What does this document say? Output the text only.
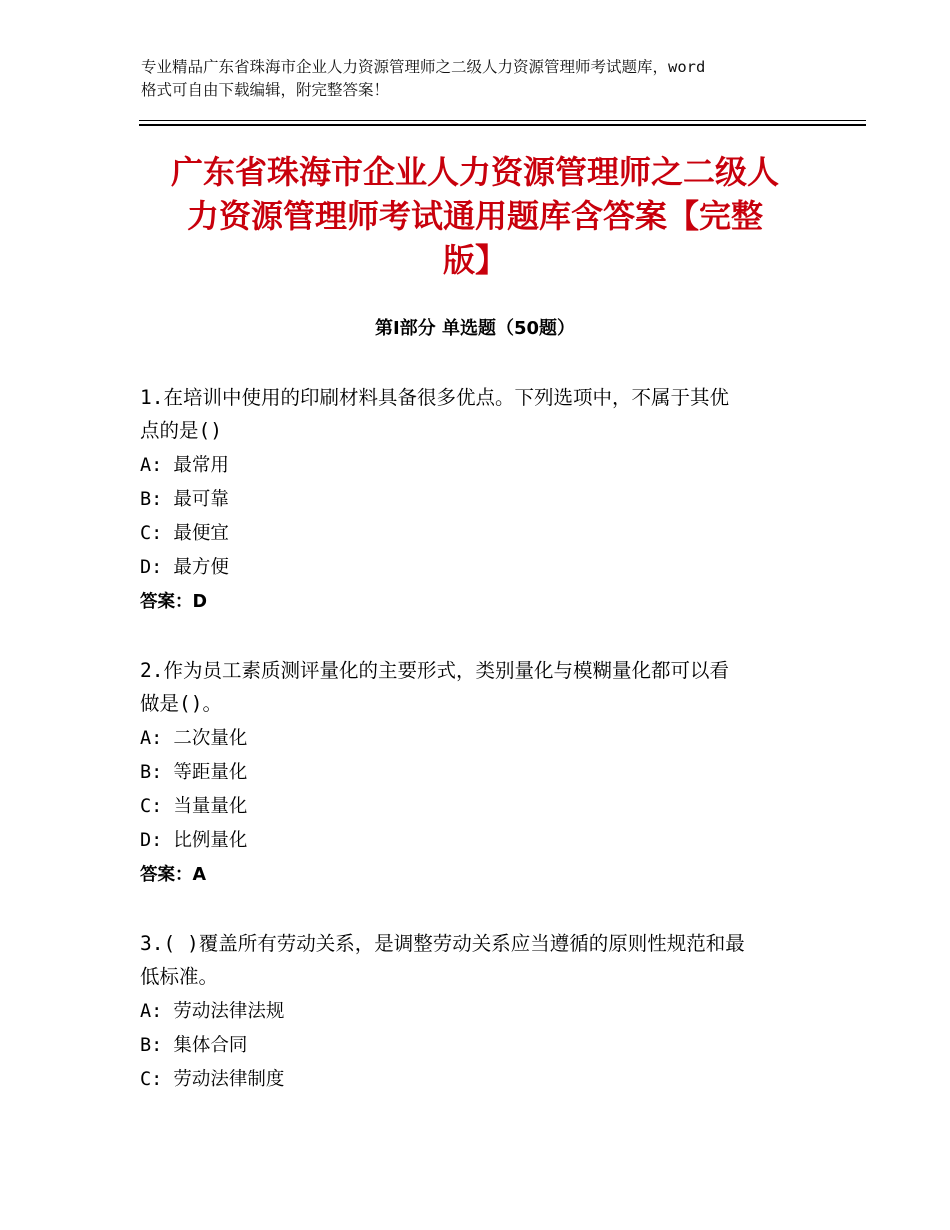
专业精品广东省珠海市企业人力资源管理师之二级人力资源管理师考试题库，word
格式可自由下载编辑，附完整答案！
广东省珠海市企业人力资源管理师之二级人
力资源管理师考试通用题库含答案【完整
版】
第Ⅰ部分 单选题（50题）
1.在培训中使用的印刷材料具备很多优点。下列选项中，不属于其优
点的是()
A: 最常用
B: 最可靠
C: 最便宜
D: 最方便
答案：D
2.作为员工素质测评量化的主要形式，类别量化与模糊量化都可以看
做是()。
A: 二次量化
B: 等距量化
C: 当量量化
D: 比例量化
答案：A
3.( )覆盖所有劳动关系，是调整劳动关系应当遵循的原则性规范和最
低标准。
A: 劳动法律法规
B: 集体合同
C: 劳动法律制度
